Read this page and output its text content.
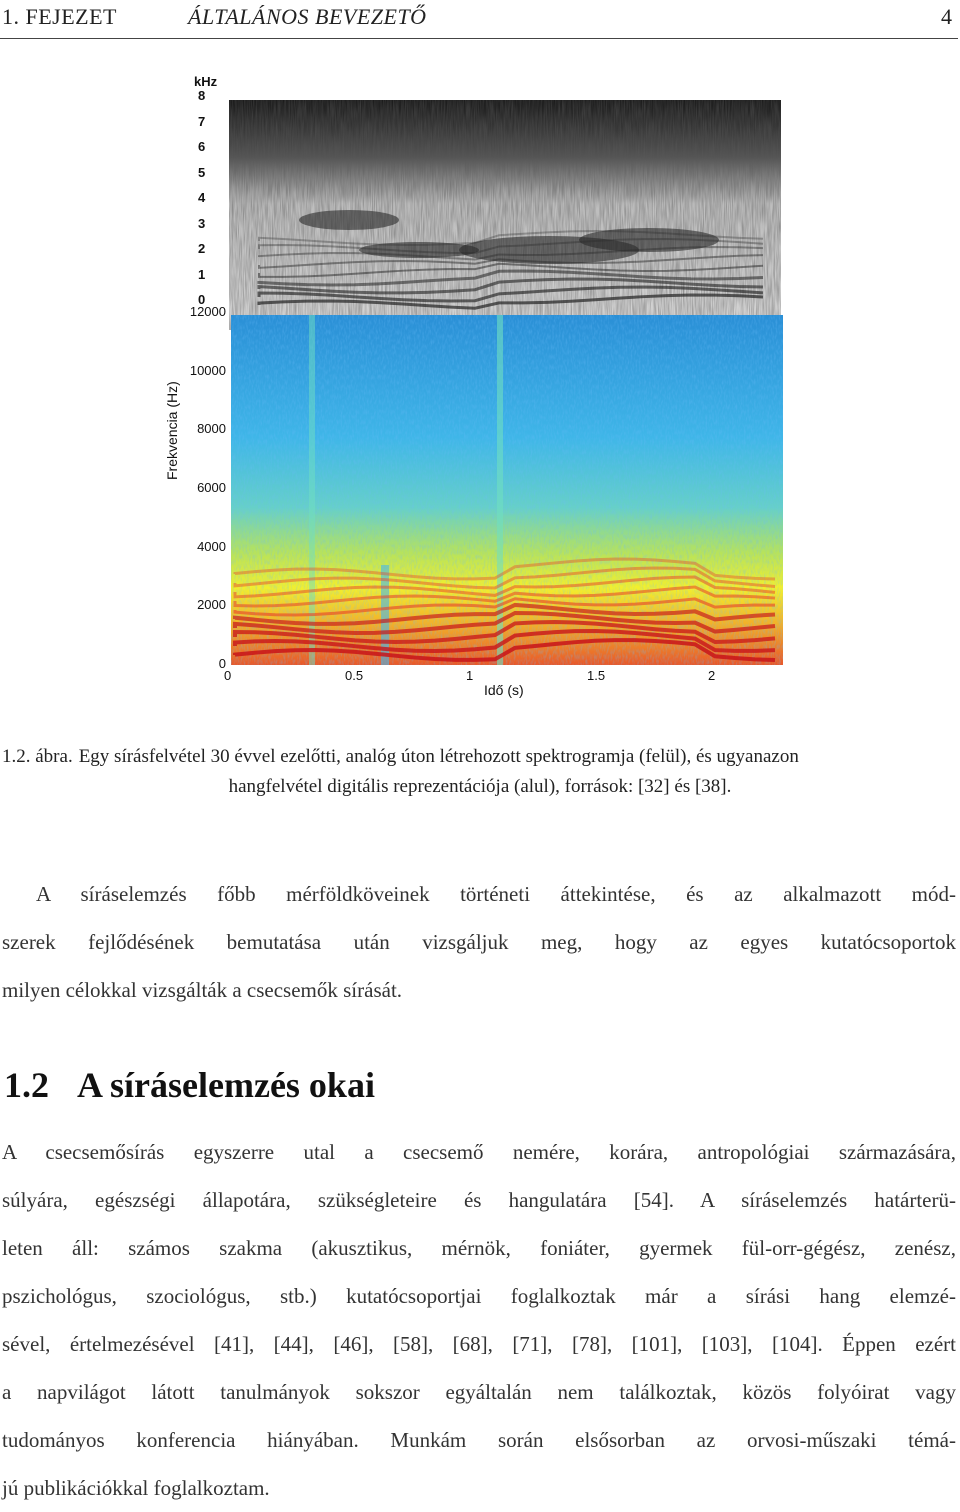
1. FEJEZET	ÁLTALÁNOS BEVEZETŐ	4
kHz
8
7
6
5
4
3
2
1
0
12000
10000
8000
6000
4000
2000
0
0	0.5	1	1.5	2
Frekvencia (Hz)
Idő (s)
1.2. ábra. Egy sírásfelvétel 30 évvel ezelőtti, analóg úton létrehozott spektrogramja (felül), és ugyanazon
hangfelvétel digitális reprezentációja (alul), források: [32] és [38].
A síráselemzés főbb mérföldköveinek történeti áttekintése, és az alkalmazott mód-
szerek fejlődésének bemutatása után vizsgáljuk meg, hogy az egyes kutatócsoportok
milyen célokkal vizsgálták a csecsemők sírását.
1.2 A síráselemzés okai
A csecsemősírás egyszerre utal a csecsemő nemére, korára, antropológiai származására,
súlyára, egészségi állapotára, szükségleteire és hangulatára [54]. A síráselemzés határterü-
leten áll: számos szakma (akusztikus, mérnök, foniáter, gyermek fül-orr-gégész, zenész,
pszichológus, szociológus, stb.) kutatócsoportjai foglalkoztak már a sírási hang elemzé-
sével, értelmezésével [41], [44], [46], [58], [68], [71], [78], [101], [103], [104]. Éppen ezért
a napvilágot látott tanulmányok sokszor egyáltalán nem találkoztak, közös folyóirat vagy
tudományos konferencia hiányában. Munkám során elsősorban az orvosi-műszaki témá-
jú publikációkkal foglalkoztam.
